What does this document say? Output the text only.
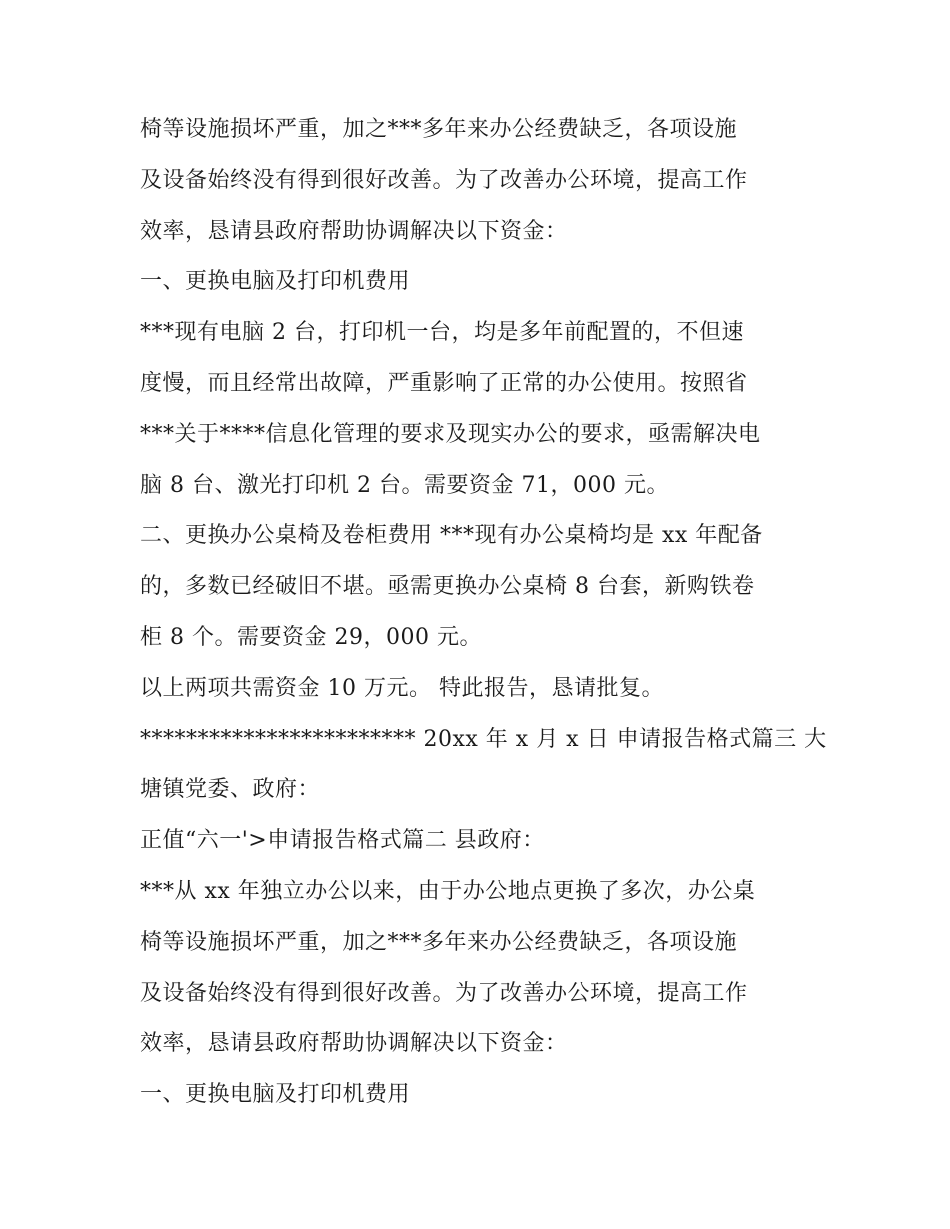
椅等设施损坏严重，加之***多年来办公经费缺乏，各项设施
及设备始终没有得到很好改善。为了改善办公环境，提高工作
效率，恳请县政府帮助协调解决以下资金：
一、更换电脑及打印机费用
***现有电脑 2 台，打印机一台，均是多年前配置的，不但速
度慢，而且经常出故障，严重影响了正常的办公使用。按照省
***关于****信息化管理的要求及现实办公的要求，亟需解决电
脑 8 台、激光打印机 2 台。需要资金 71，000 元。
二、更换办公桌椅及卷柜费用 ***现有办公桌椅均是 xx 年配备
的，多数已经破旧不堪。亟需更换办公桌椅 8 台套，新购铁卷
柜 8 个。需要资金 29，000 元。
以上两项共需资金 10 万元。 特此报告，恳请批复。
************************ 20xx 年 x 月 x 日 申请报告格式篇三 大
塘镇党委、政府：
正值“六一'>申请报告格式篇二 县政府：
***从 xx 年独立办公以来，由于办公地点更换了多次，办公桌
椅等设施损坏严重，加之***多年来办公经费缺乏，各项设施
及设备始终没有得到很好改善。为了改善办公环境，提高工作
效率，恳请县政府帮助协调解决以下资金：
一、更换电脑及打印机费用
